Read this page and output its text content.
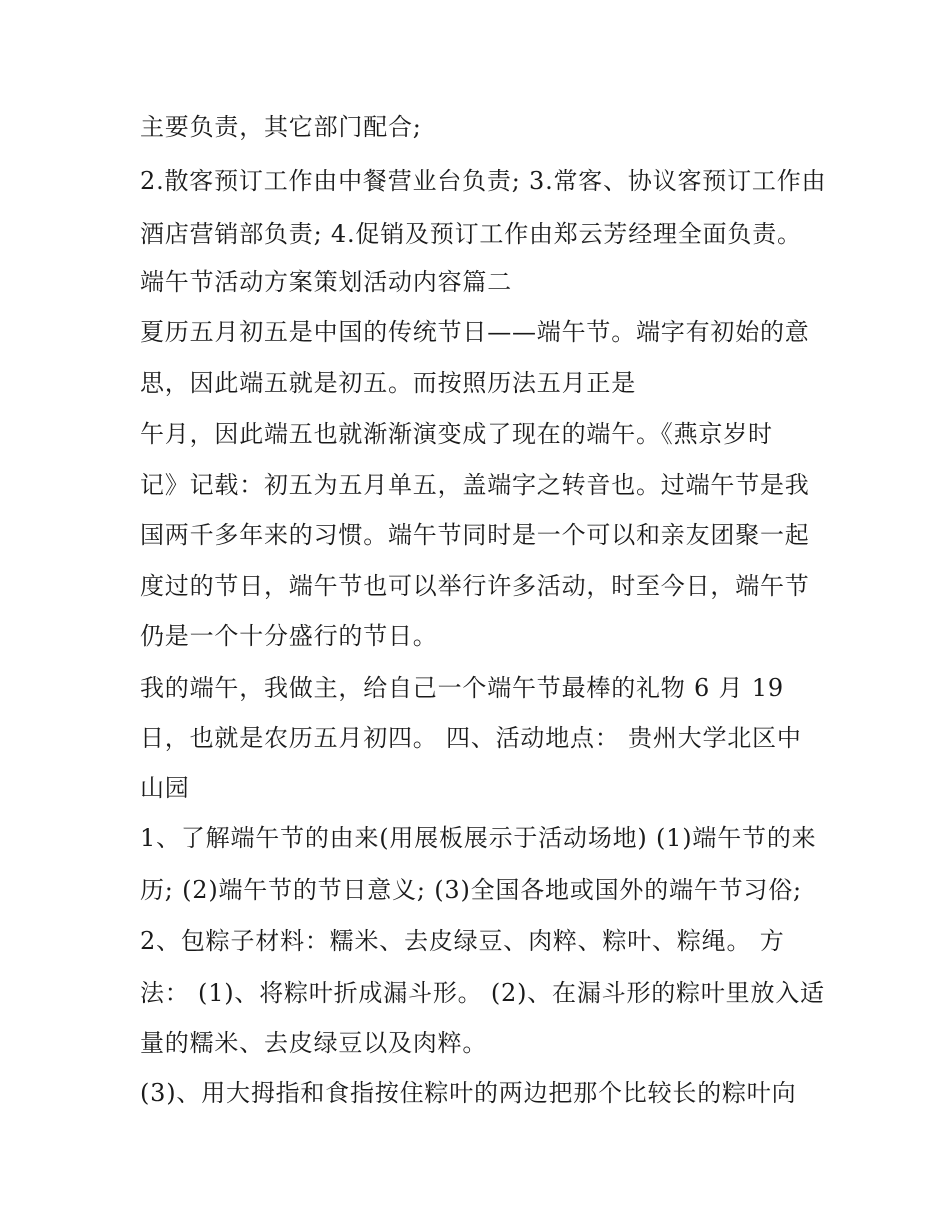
主要负责，其它部门配合;
2.散客预订工作由中餐营业台负责; 3.常客、协议客预订工作由
酒店营销部负责; 4.促销及预订工作由郑云芳经理全面负责。
端午节活动方案策划活动内容篇二
夏历五月初五是中国的传统节日——端午节。端字有初始的意
思，因此端五就是初五。而按照历法五月正是
午月，因此端五也就渐渐演变成了现在的端午。《燕京岁时
记》记载：初五为五月单五，盖端字之转音也。过端午节是我
国两千多年来的习惯。端午节同时是一个可以和亲友团聚一起
度过的节日，端午节也可以举行许多活动，时至今日，端午节
仍是一个十分盛行的节日。
我的端午，我做主，给自己一个端午节最棒的礼物 6 月 19
日，也就是农历五月初四。 四、活动地点： 贵州大学北区中
山园
1、了解端午节的由来(用展板展示于活动场地) (1)端午节的来
历; (2)端午节的节日意义; (3)全国各地或国外的端午节习俗;
2、包粽子材料：糯米、去皮绿豆、肉粹、粽叶、粽绳。 方
法： (1)、将粽叶折成漏斗形。 (2)、在漏斗形的粽叶里放入适
量的糯米、去皮绿豆以及肉粹。
(3)、用大拇指和食指按住粽叶的两边把那个比较长的粽叶向
